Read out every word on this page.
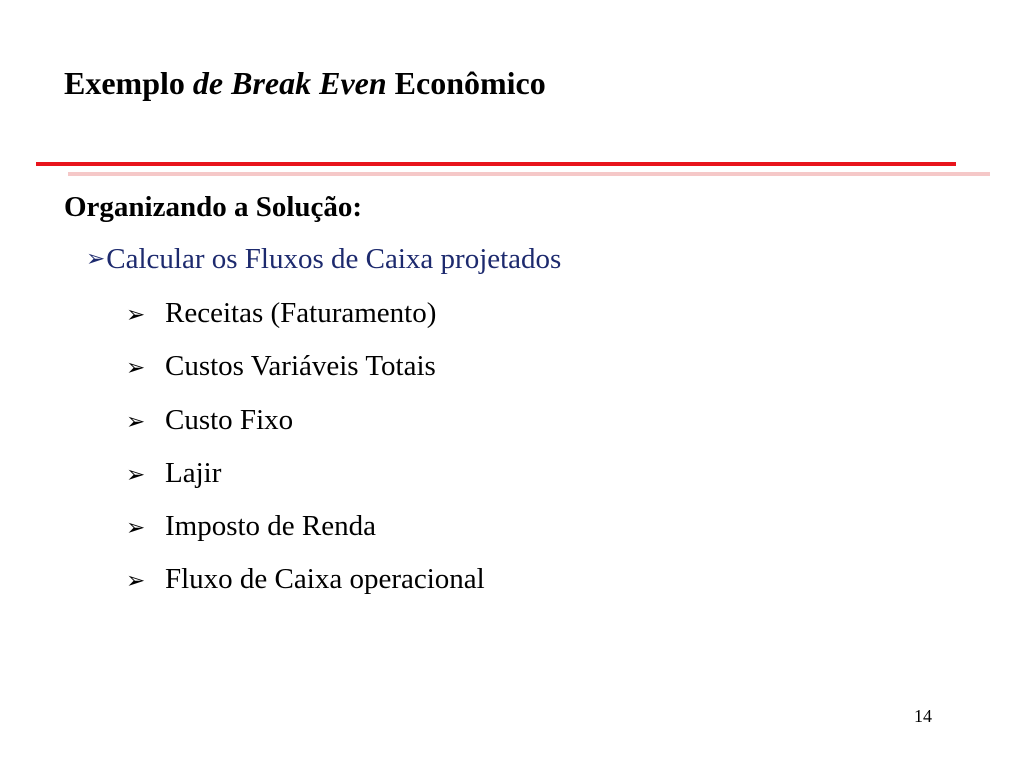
Exemplo de Break Even Econômico
Organizando a Solução:
➢Calcular os Fluxos de Caixa projetados
➢ Receitas (Faturamento)
➢ Custos Variáveis Totais
➢ Custo Fixo
➢ Lajir
➢ Imposto de Renda
➢ Fluxo de Caixa operacional
14
